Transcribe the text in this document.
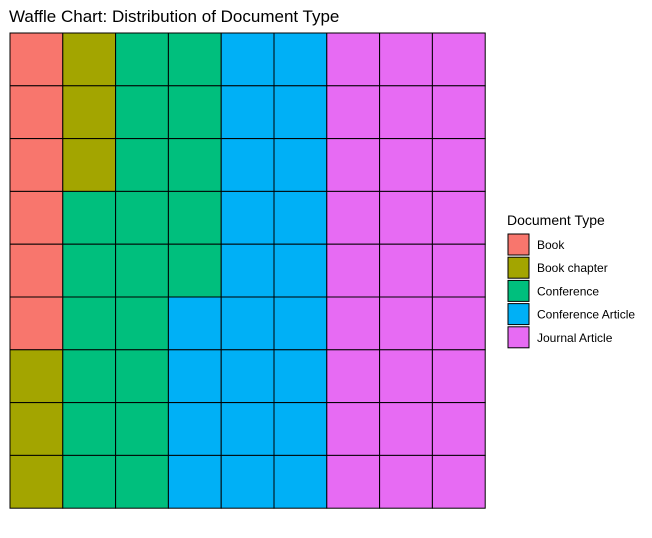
Waffle Chart: Distribution of Document Type
Document Type
Book
Book chapter
Conference
Conference Article
Journal Article
